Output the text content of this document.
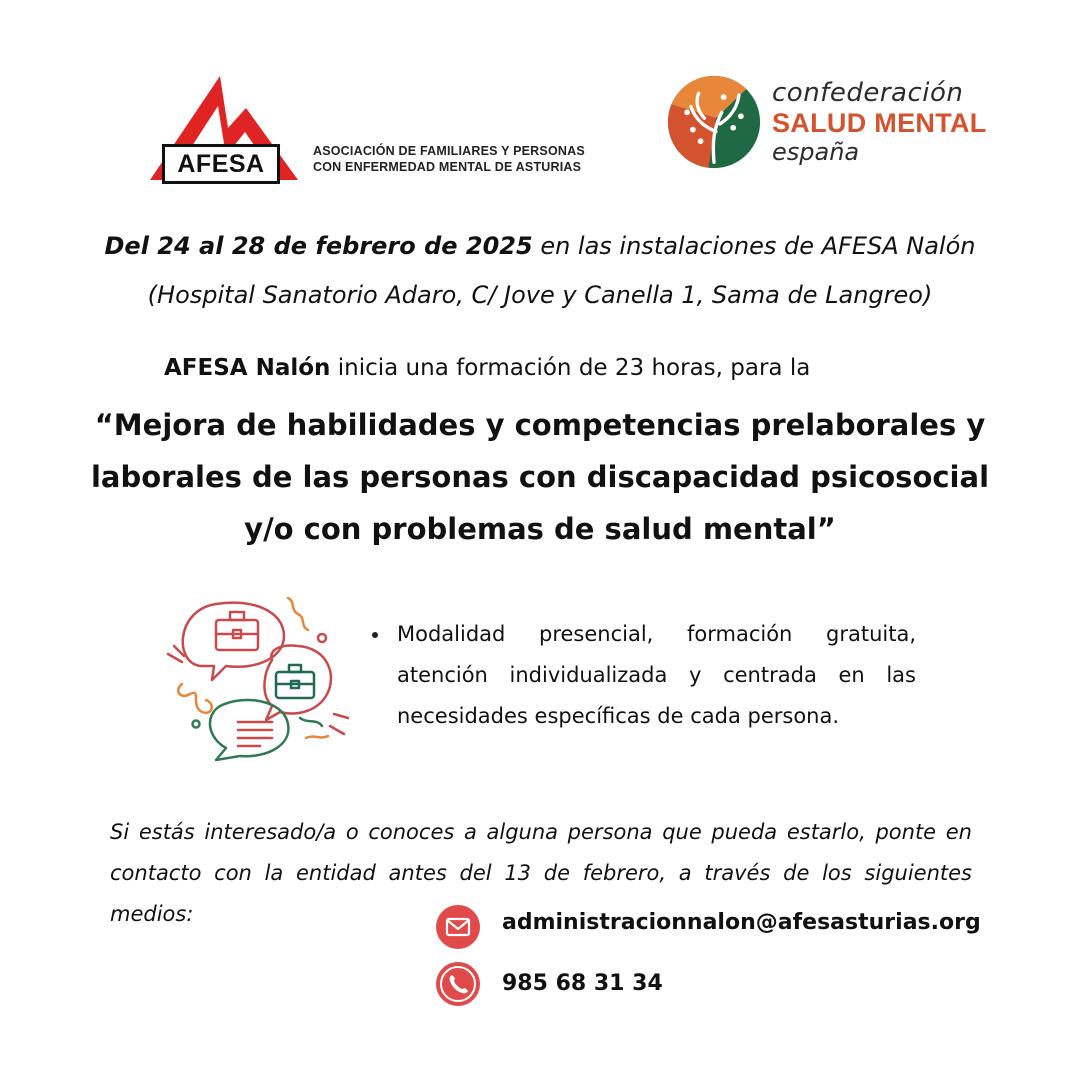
AFESA	ASOCIACIÓN DE FAMILIARES Y PERSONAS
CON ENFERMEDAD MENTAL DE ASTURIAS
confederación
SALUD MENTAL
españa
Del 24 al 28 de febrero de 2025 en las instalaciones de AFESA Nalón
(Hospital Sanatorio Adaro, C/ Jove y Canella 1, Sama de Langreo)
AFESA Nalón inicia una formación de 23 horas, para la
“Mejora de habilidades y competencias prelaborales y
laborales de las personas con discapacidad psicosocial
y/o con problemas de salud mental”
Modalidad presencial, formación gratuita, atención individualizada y centrada en las necesidades específicas de cada persona.
Si estás interesado/a o conoces a alguna persona que pueda estarlo, ponte en contacto con la entidad antes del 13 de febrero, a través de los siguientes medios:	administracionnalon@afesasturias.org
985 68 31 34
